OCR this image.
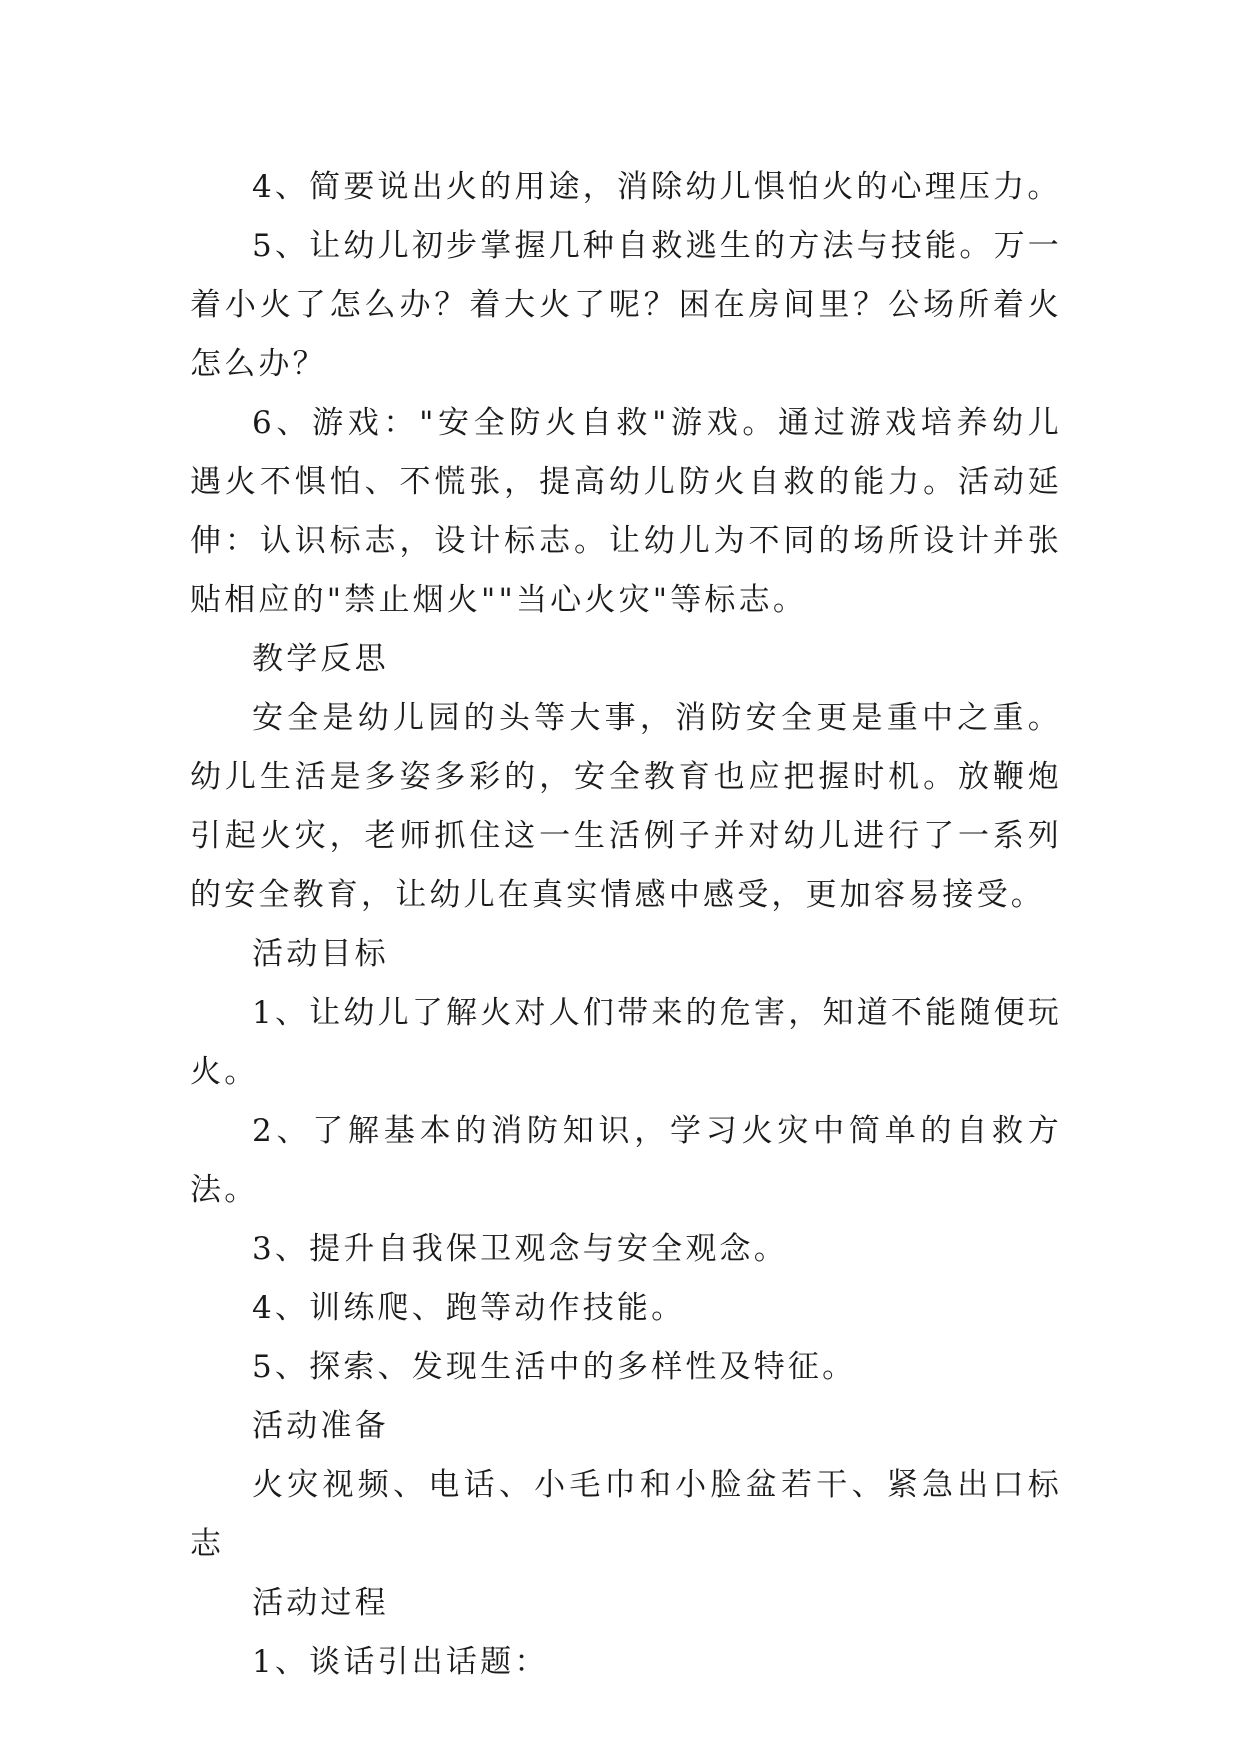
4、简要说出火的用途，消除幼儿惧怕火的心理压力。

5、让幼儿初步掌握几种自救逃生的方法与技能。万一着小火了怎么办？着大火了呢？困在房间里？公场所着火怎么办？

6、游戏："安全防火自救"游戏。通过游戏培养幼儿遇火不惧怕、不慌张，提高幼儿防火自救的能力。活动延伸：认识标志，设计标志。让幼儿为不同的场所设计并张贴相应的"禁止烟火""当心火灾"等标志。

教学反思

安全是幼儿园的头等大事，消防安全更是重中之重。幼儿生活是多姿多彩的，安全教育也应把握时机。放鞭炮引起火灾，老师抓住这一生活例子并对幼儿进行了一系列的安全教育，让幼儿在真实情感中感受，更加容易接受。

活动目标

1、让幼儿了解火对人们带来的危害，知道不能随便玩火。

2、了解基本的消防知识，学习火灾中简单的自救方法。

3、提升自我保卫观念与安全观念。

4、训练爬、跑等动作技能。

5、探索、发现生活中的多样性及特征。

活动准备

火灾视频、电话、小毛巾和小脸盆若干、紧急出口标志

活动过程

1、谈话引出话题：
